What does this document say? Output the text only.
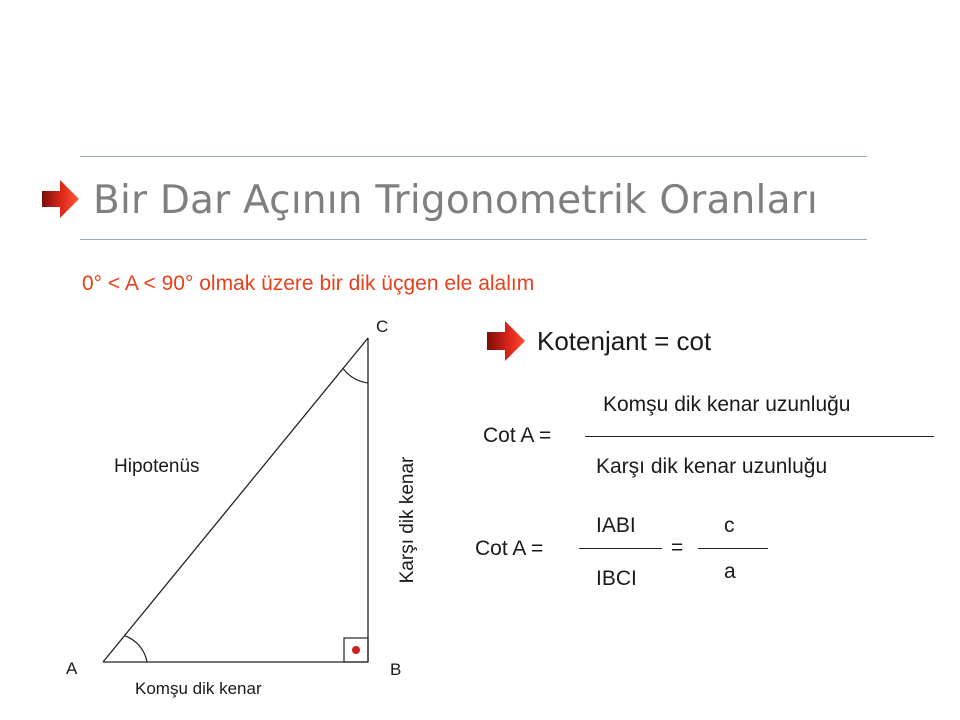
Bir Dar Açının Trigonometrik Oranları
0° < A < 90° olmak üzere bir dik üçgen ele alalım
C
A	B
Hipotenüs
Komşu dik kenar
Karşı dik kenar
Kotenjant = cot
Komşu dik kenar uzunluğu
Cot A =
Karşı dik kenar uzunluğu
IABI
Cot A =
IBCI
=
c
a
